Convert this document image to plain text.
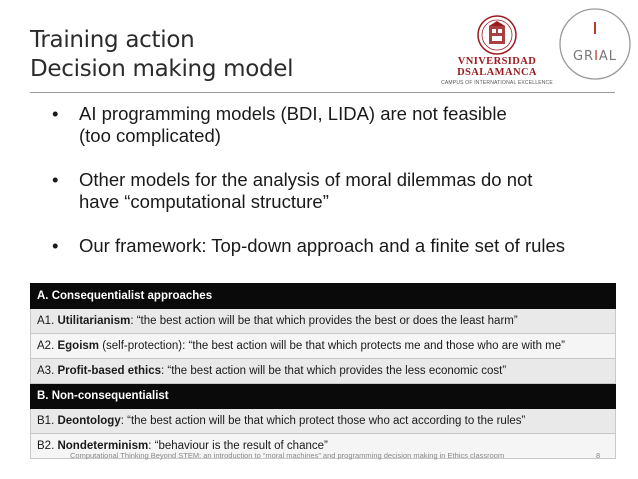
Training action
Decision making model	VNIVERSIDAD
DSALAMANCA
CAMPUS OF INTERNATIONAL EXCELLENCE
GRIAL
• AI programming models (BDI, LIDA) are not feasible
(too complicated)
• Other models for the analysis of moral dilemmas do not
have “computational structure”
• Our framework: Top-down approach and a finite set of rules
A. Consequentialist approaches
A1. Utilitarianism: “the best action will be that which provides the best or does the least harm”
A2. Egoism (self-protection): “the best action will be that which protects me and those who are with me”
A3. Profit-based ethics: “the best action will be that which provides the less economic cost”
B. Non-consequentialist
B1. Deontology: “the best action will be that which protect those who act according to the rules”
B2. Nondeterminism: “behaviour is the result of chance”
Computational Thinking Beyond STEM: an introduction to “moral machines” and programming decision making in Ethics classroom	8
